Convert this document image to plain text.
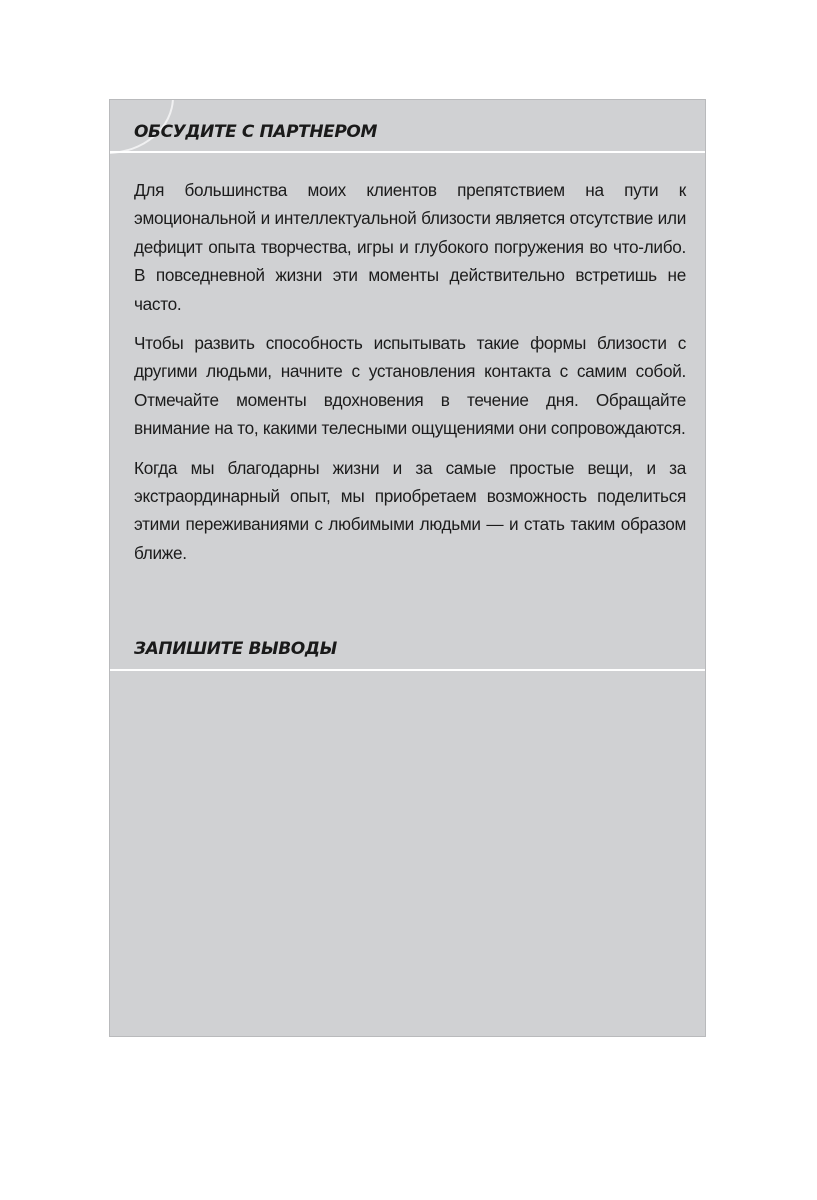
ОБСУДИТЕ С ПАРТНЕРОМ

Для большинства моих клиентов препятствием на пути к эмоциональной и интеллектуальной близости является отсутствие или дефицит опыта творчества, игры и глубокого погружения во что-либо. В повседневной жизни эти моменты действительно встретишь не часто.

Чтобы развить способность испытывать такие формы близости с другими людьми, начните с установления контакта с самим собой. Отмечайте моменты вдохновения в течение дня. Обращайте внимание на то, какими телесными ощущениями они сопровождаются.

Когда мы благодарны жизни и за самые простые вещи, и за экстраординарный опыт, мы приобретаем возможность поделиться этими переживаниями с любимыми людьми — и стать таким образом ближе.

ЗАПИШИТЕ ВЫВОДЫ
